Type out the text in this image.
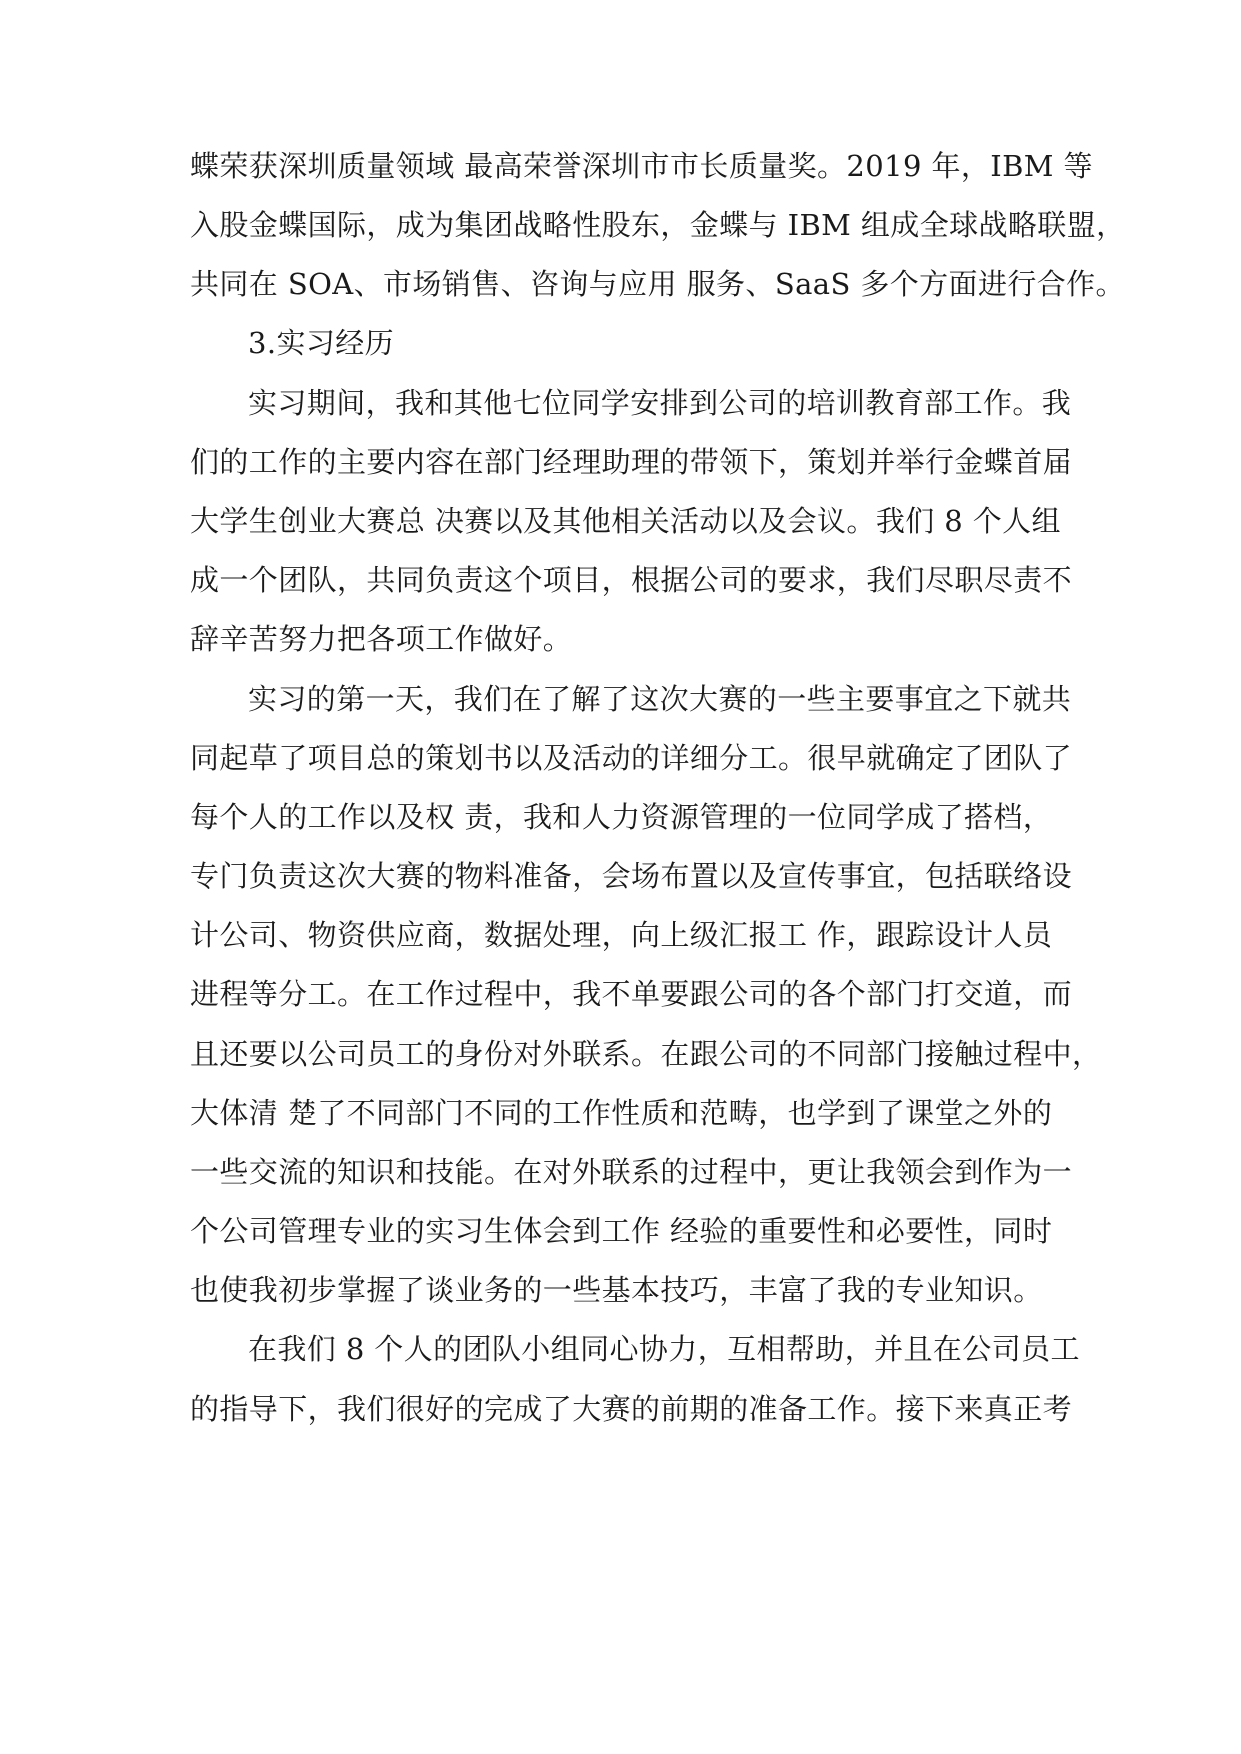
蝶荣获深圳质量领域 最高荣誉深圳市市长质量奖。2019 年，IBM 等
入股金蝶国际，成为集团战略性股东，金蝶与 IBM 组成全球战略联盟，
共同在 SOA、市场销售、咨询与应用 服务、SaaS 多个方面进行合作。
3.实习经历
实习期间，我和其他七位同学安排到公司的培训教育部工作。我
们的工作的主要内容在部门经理助理的带领下，策划并举行金蝶首届
大学生创业大赛总 决赛以及其他相关活动以及会议。我们 8 个人组
成一个团队，共同负责这个项目，根据公司的要求，我们尽职尽责不
辞辛苦努力把各项工作做好。
实习的第一天，我们在了解了这次大赛的一些主要事宜之下就共
同起草了项目总的策划书以及活动的详细分工。很早就确定了团队了
每个人的工作以及权 责，我和人力资源管理的一位同学成了搭档，
专门负责这次大赛的物料准备，会场布置以及宣传事宜，包括联络设
计公司、物资供应商，数据处理，向上级汇报工 作，跟踪设计人员
进程等分工。在工作过程中，我不单要跟公司的各个部门打交道，而
且还要以公司员工的身份对外联系。在跟公司的不同部门接触过程中，
大体清 楚了不同部门不同的工作性质和范畴，也学到了课堂之外的
一些交流的知识和技能。在对外联系的过程中，更让我领会到作为一
个公司管理专业的实习生体会到工作 经验的重要性和必要性，同时
也使我初步掌握了谈业务的一些基本技巧，丰富了我的专业知识。
在我们 8 个人的团队小组同心协力，互相帮助，并且在公司员工
的指导下，我们很好的完成了大赛的前期的准备工作。接下来真正考
